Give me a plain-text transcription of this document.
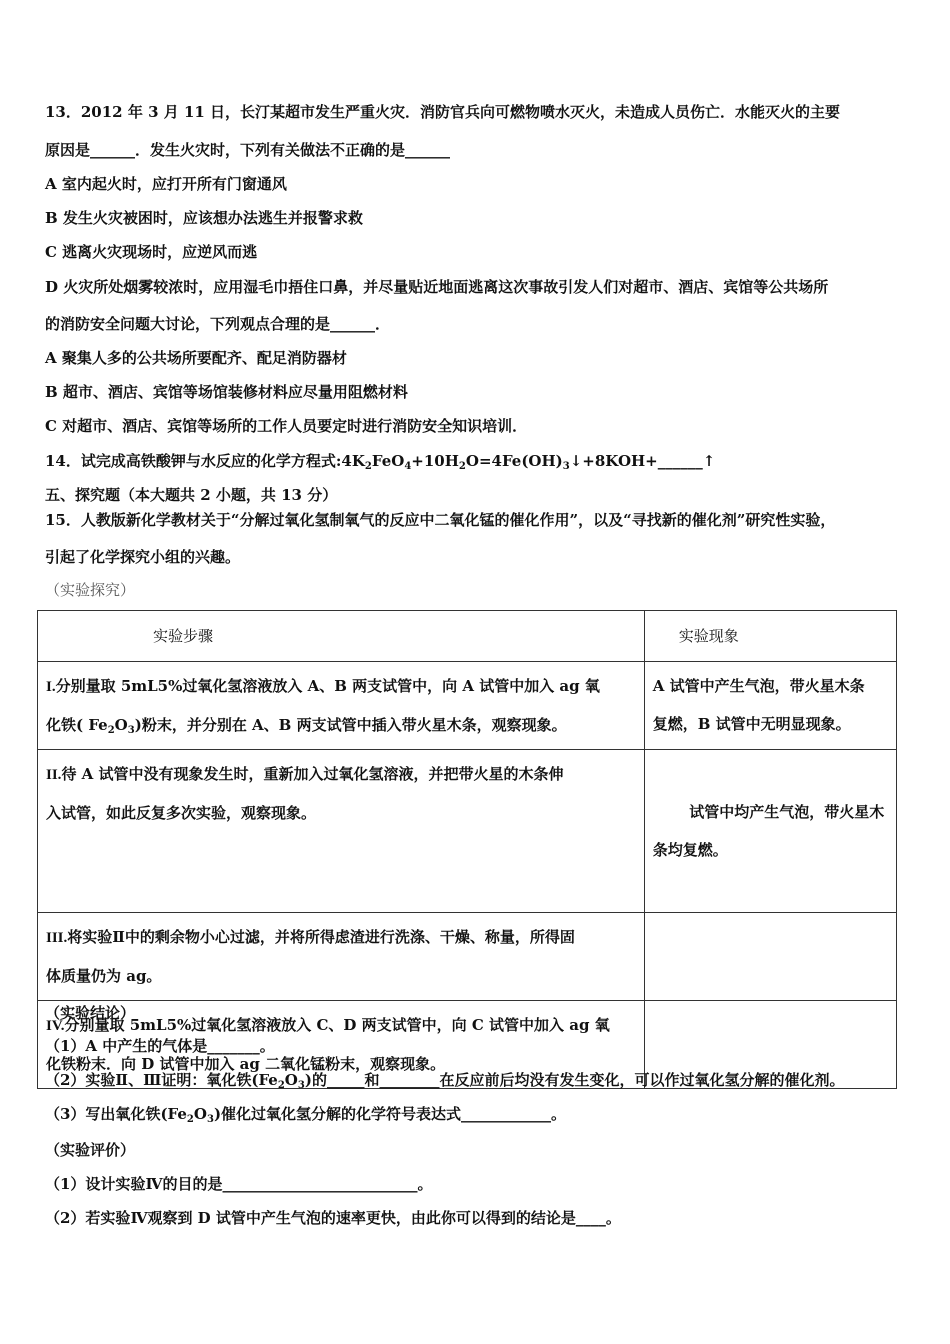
13．2012 年 3 月 11 日，长汀某超市发生严重火灾．消防官兵向可燃物喷水灭火，未造成人员伤亡．水能灭火的主要
原因是______．发生火灾时，下列有关做法不正确的是______
A 室内起火时，应打开所有门窗通风
B 发生火灾被困时，应该想办法逃生并报警求救
C 逃离火灾现场时，应逆风而逃
D 火灾所处烟雾较浓时，应用湿毛巾捂住口鼻，并尽量贴近地面逃离这次事故引发人们对超市、酒店、宾馆等公共场所
的消防安全问题大讨论，下列观点合理的是______．
A 聚集人多的公共场所要配齐、配足消防器材
B 超市、酒店、宾馆等场馆装修材料应尽量用阻燃材料
C 对超市、酒店、宾馆等场所的工作人员要定时进行消防安全知识培训．
14．试完成高铁酸钾与水反应的化学方程式$:4K_2FeO_4+10H_2O=4Fe(OH)_3↓+8KOH+\_\_\_\_\_\_↑$
五、探究题（本大题共 2 小题，共 13 分）
15．人教版新化学教材关于“分解过氧化氢制氧气的反应中二氧化锰的催化作用”，以及“寻找新的催化剂”研究性实验，
引起了化学探究小组的兴趣。
（实验探究）
实验步骤	实验现象
I.分别量取 5mL5%过氧化氢溶液放入 A、B 两支试管中，向 A 试管中加入 ag 氧
化铁( $Fe_2O_3$)粉末，并分别在 A、B 两支试管中插入带火星木条，观察现象。	A 试管中产生气泡，带火星木条
复燃，B 试管中无明显现象。
II.待 A 试管中没有现象发生时，重新加入过氧化氢溶液，并把带火星的木条伸
入试管，如此反复多次实验，观察现象。	试管中均产生气泡，带火星木
条均复燃。

III.将实验Ⅱ中的剩余物小心过滤，并将所得虑渣进行洗涤、干燥、称量，所得固
体质量仍为 ag。	
IV.分别量取 5mL5%过氧化氢溶液放入 C、D 两支试管中，向 C 试管中加入 ag 氧
化铁粉末．向 D 试管中加入 ag 二氧化锰粉末，观察现象。	
（实验结论）
（1）A 中产生的气体是_______。
（2）实验Ⅱ、Ⅲ证明：氧化铁$(Fe_2O_3)$的_____和________在反应前后均没有发生变化，可以作过氧化氢分解的催化剂。
（3）写出氧化铁$(Fe_2O_3)$催化过氧化氢分解的化学符号表达式____________。
（实验评价）
（1）设计实验Ⅳ的目的是__________________________。
（2）若实验Ⅳ观察到 D 试管中产生气泡的速率更快，由此你可以得到的结论是____。
